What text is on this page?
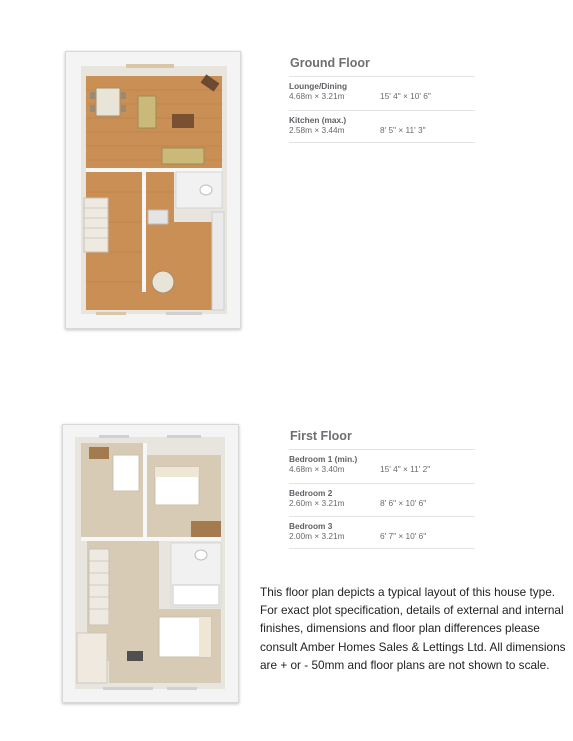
Ground Floor
Lounge/Dining
4.68m × 3.21m	15' 4" × 10' 6"
Kitchen (max.)
2.58m × 3.44m	8' 5" × 11' 3"
First Floor
Bedroom 1 (min.)
4.68m × 3.40m	15' 4" × 11' 2"
Bedroom 2
2.60m × 3.21m	8' 6" × 10' 6"
Bedroom 3
2.00m × 3.21m	6' 7" × 10' 6"
This floor plan depicts a typical layout of this house type. For exact plot specification, details of external and internal finishes, dimensions and floor plan differences please consult Amber Homes Sales & Lettings Ltd. All dimensions are + or - 50mm and floor plans are not shown to scale.
